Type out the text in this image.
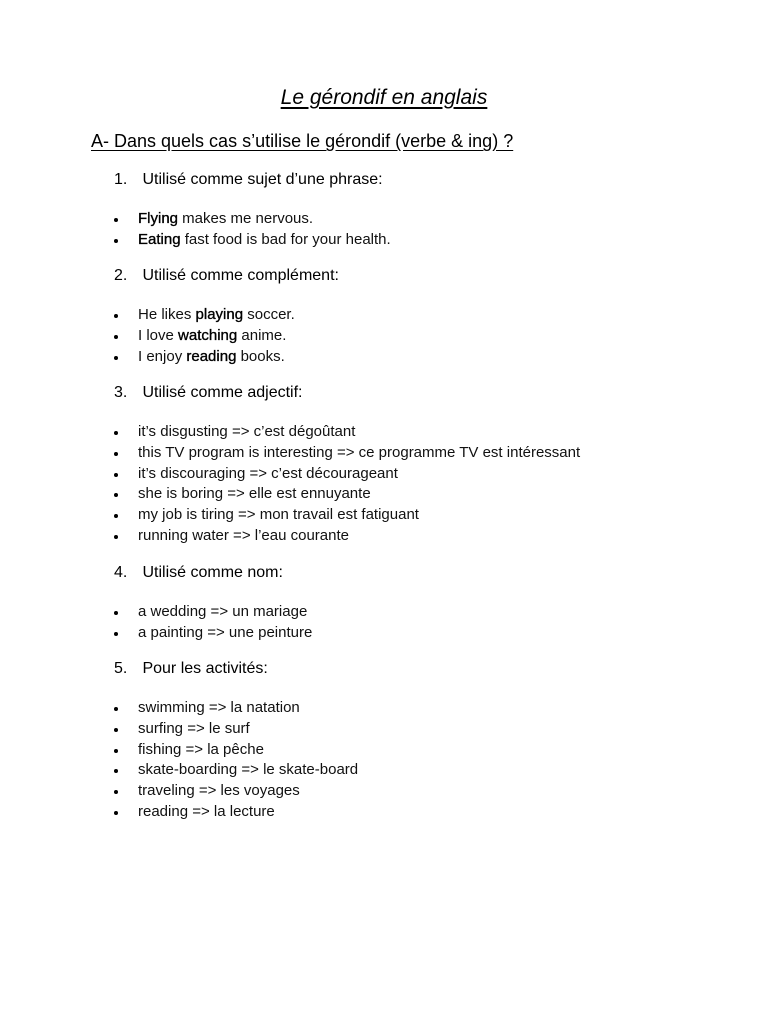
Le gérondif en anglais
A- Dans quels cas s’utilise le gérondif (verbe & ing) ?
1. Utilisé comme sujet d’une phrase:
Flying makes me nervous.
Eating fast food is bad for your health.
2. Utilisé comme complément:
He likes playing soccer.
I love watching anime.
I enjoy reading books.
3. Utilisé comme adjectif:
it’s disgusting => c’est dégoûtant
this TV program is interesting => ce programme TV est intéressant
it’s discouraging => c’est décourageant
she is boring => elle est ennuyante
my job is tiring => mon travail est fatiguant
running water => l’eau courante
4. Utilisé comme nom:
a wedding => un mariage
a painting => une peinture
5. Pour les activités:
swimming => la natation
surfing => le surf
fishing => la pêche
skate-boarding => le skate-board
traveling => les voyages
reading => la lecture
